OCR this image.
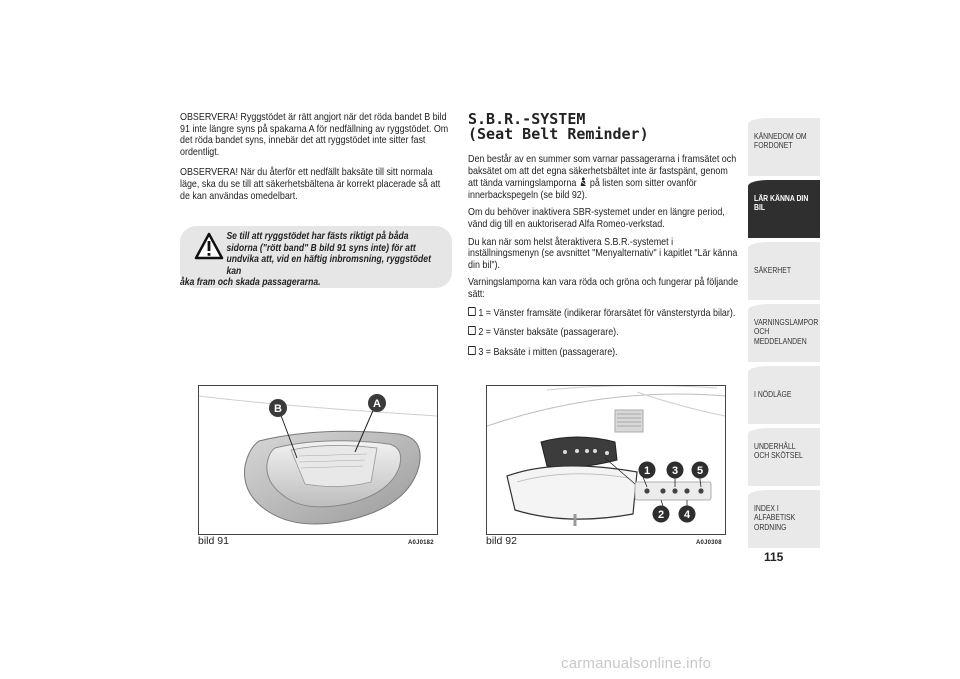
OBSERVERA! Ryggstödet är rätt angjort när det röda bandet B bild 91 inte längre syns på spakarna A för nedfällning av ryggstödet. Om det röda bandet syns, innebär det att ryggstödet inte sitter fast ordentligt.

OBSERVERA! När du återför ett nedfällt baksäte till sitt normala läge, ska du se till att säkerhetsbältena är korrekt placerade så att de kan användas omedelbart.

Se till att ryggstödet har fästs riktigt på båda
sidorna ("rött band" B bild 91 syns inte) för att
undvika att, vid en häftig inbromsning, ryggstödet kan
åka fram och skada passagerarna.
S.B.R.-SYSTEM
(Seat Belt Reminder)

Den består av en summer som varnar passagerarna i framsätet och baksätet om att det egna säkerhetsbältet inte är fastspänt, genom att tända varningslamporna på listen som sitter ovanför innerbackspegeln (se bild 92).

Om du behöver inaktivera SBR-systemet under en längre period, vänd dig till en auktoriserad Alfa Romeo-verkstad.

Du kan när som helst återaktivera S.B.R.-systemet i inställningsmenyn (se avsnittet "Menyalternativ" i kapitlet "Lär känna din bil").

Varningslamporna kan vara röda och gröna och fungerar på följande sätt:

1 = Vänster framsäte (indikerar förarsätet för vänsterstyrda bilar).

2 = Vänster baksäte (passagerare).

3 = Baksäte i mitten (passagerare).

B	A
bild 91	A0J0182
1 3 5
2 4
bild 92	A0J0308
KÄNNEDOM OM FORDONET
LÄR KÄNNA DIN BIL
SÄKERHET
VARNINGSLAMPOR OCH MEDDELANDEN
I NÖDLÄGE
UNDERHÅLL OCH SKÖTSEL
INDEX I ALFABETISK ORDNING
115
carmanualsonline.info
